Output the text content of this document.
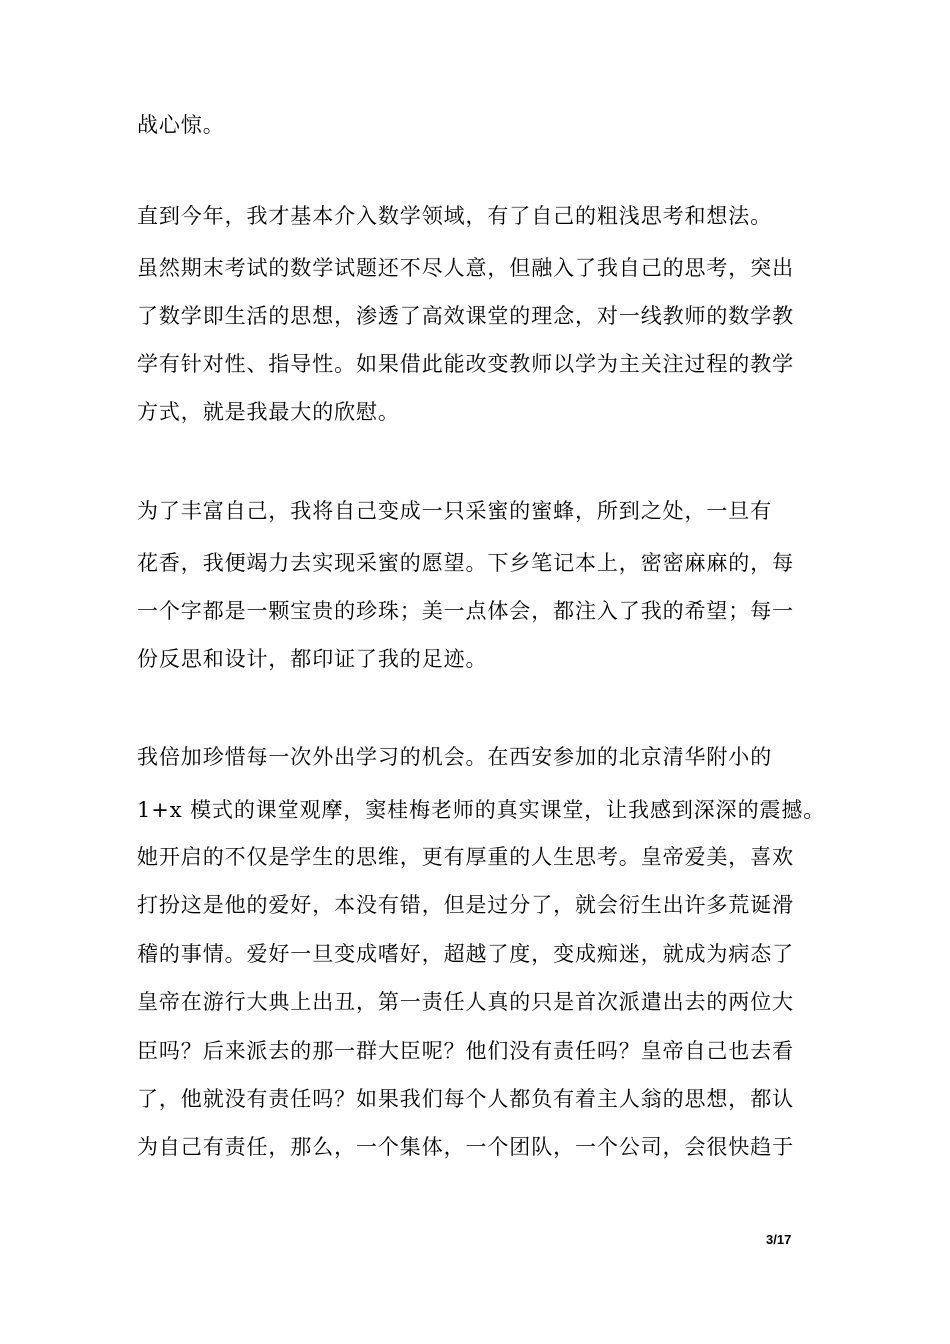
战心惊。
直到今年，我才基本介入数学领域，有了自己的粗浅思考和想法。
虽然期末考试的数学试题还不尽人意，但融入了我自己的思考，突出
了数学即生活的思想，渗透了高效课堂的理念，对一线教师的数学教
学有针对性、指导性。如果借此能改变教师以学为主关注过程的教学
方式，就是我最大的欣慰。
为了丰富自己，我将自己变成一只采蜜的蜜蜂，所到之处，一旦有
花香，我便竭力去实现采蜜的愿望。下乡笔记本上，密密麻麻的，每
一个字都是一颗宝贵的珍珠；美一点体会，都注入了我的希望；每一
份反思和设计，都印证了我的足迹。
我倍加珍惜每一次外出学习的机会。在西安参加的北京清华附小的
1+x 模式的课堂观摩，窦桂梅老师的真实课堂，让我感到深深的震撼。
她开启的不仅是学生的思维，更有厚重的人生思考。皇帝爱美，喜欢
打扮这是他的爱好，本没有错，但是过分了，就会衍生出许多荒诞滑
稽的事情。爱好一旦变成嗜好，超越了度，变成痴迷，就成为病态了
皇帝在游行大典上出丑，第一责任人真的只是首次派遣出去的两位大
臣吗？后来派去的那一群大臣呢？他们没有责任吗？皇帝自己也去看
了，他就没有责任吗？如果我们每个人都负有着主人翁的思想，都认
为自己有责任，那么，一个集体，一个团队，一个公司，会很快趋于
3/17
